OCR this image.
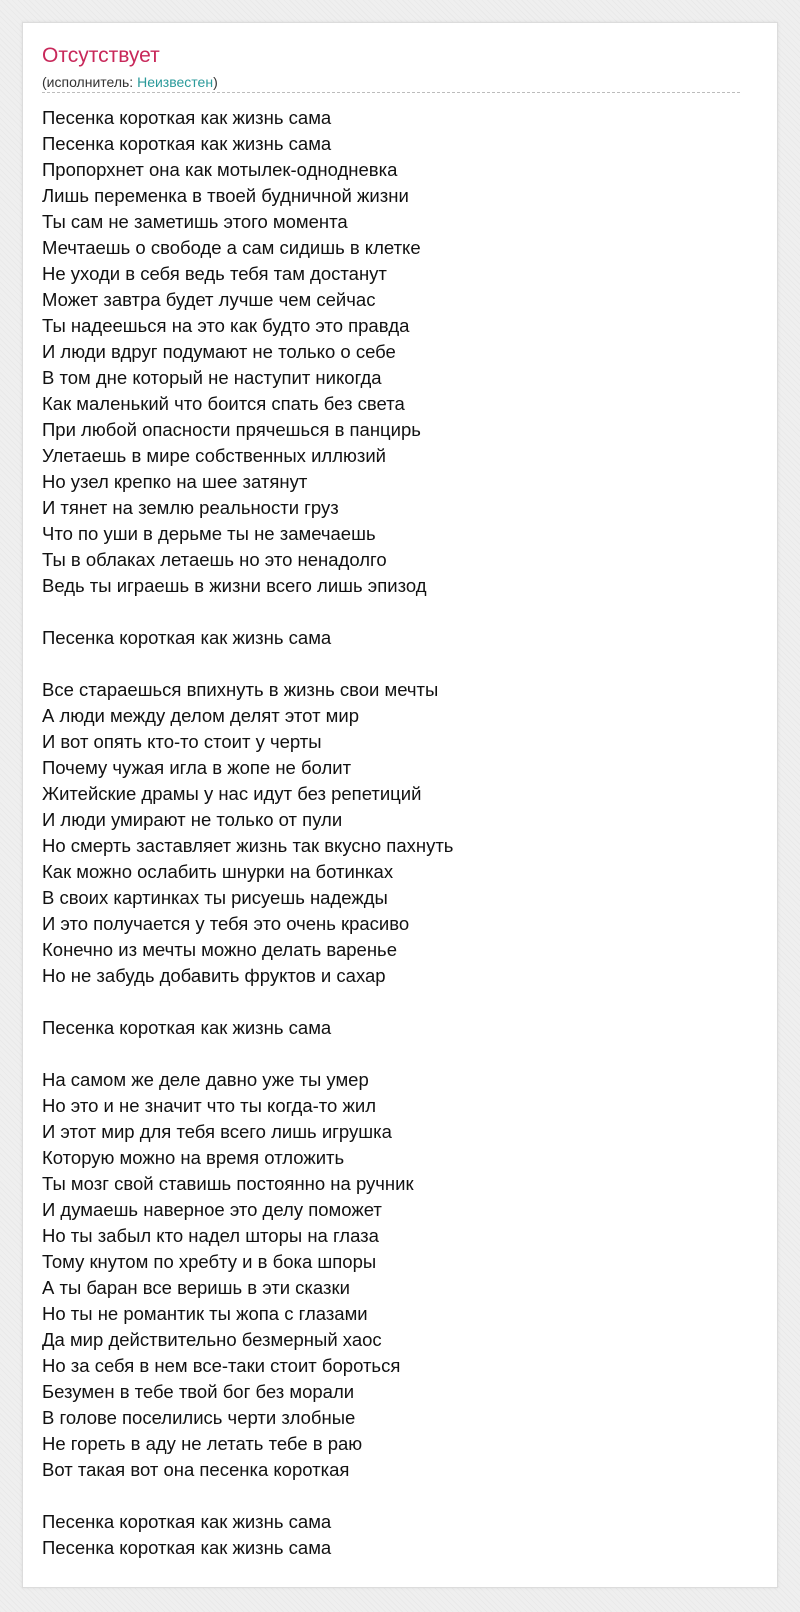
Отсутствует
(исполнитель: Неизвестен)
Песенка короткая как жизнь сама
Песенка короткая как жизнь сама
Пропорхнет она как мотылек-однодневка
Лишь переменка в твоей будничной жизни
Ты сам не заметишь этого момента
Мечтаешь о свободе а сам сидишь в клетке
Не уходи в себя ведь тебя там достанут
Может завтра будет лучше чем сейчас
Ты надеешься на это как будто это правда
И люди вдруг подумают не только о себе
В том дне который не наступит никогда
Как маленький что боится спать без света
При любой опасности прячешься в панцирь
Улетаешь в мире собственных иллюзий
Но узел крепко на шее затянут
И тянет на землю реальности груз
Что по уши в дерьме ты не замечаешь
Ты в облаках летаешь но это ненадолго
Ведь ты играешь в жизни всего лишь эпизод
Песенка короткая как жизнь сама
Все стараешься впихнуть в жизнь свои мечты
А люди между делом делят этот мир
И вот опять кто-то стоит у черты
Почему чужая игла в жопе не болит
Житейские драмы у нас идут без репетиций
И люди умирают не только от пули
Но смерть заставляет жизнь так вкусно пахнуть
Как можно ослабить шнурки на ботинках
В своих картинках ты рисуешь надежды
И это получается у тебя это очень красиво
Конечно из мечты можно делать варенье
Но не забудь добавить фруктов и сахар
Песенка короткая как жизнь сама
На самом же деле давно уже ты умер
Но это и не значит что ты когда-то жил
И этот мир для тебя всего лишь игрушка
Которую можно на время отложить
Ты мозг свой ставишь постоянно на ручник
И думаешь наверное это делу поможет
Но ты забыл кто надел шторы на глаза
Тому кнутом по хребту и в бока шпоры
А ты баран все веришь в эти сказки
Но ты не романтик ты жопа с глазами
Да мир действительно безмерный хаос
Но за себя в нем все-таки стоит бороться
Безумен в тебе твой бог без морали
В голове поселились черти злобные
Не гореть в аду не летать тебе в раю
Вот такая вот она песенка короткая
Песенка короткая как жизнь сама
Песенка короткая как жизнь сама
